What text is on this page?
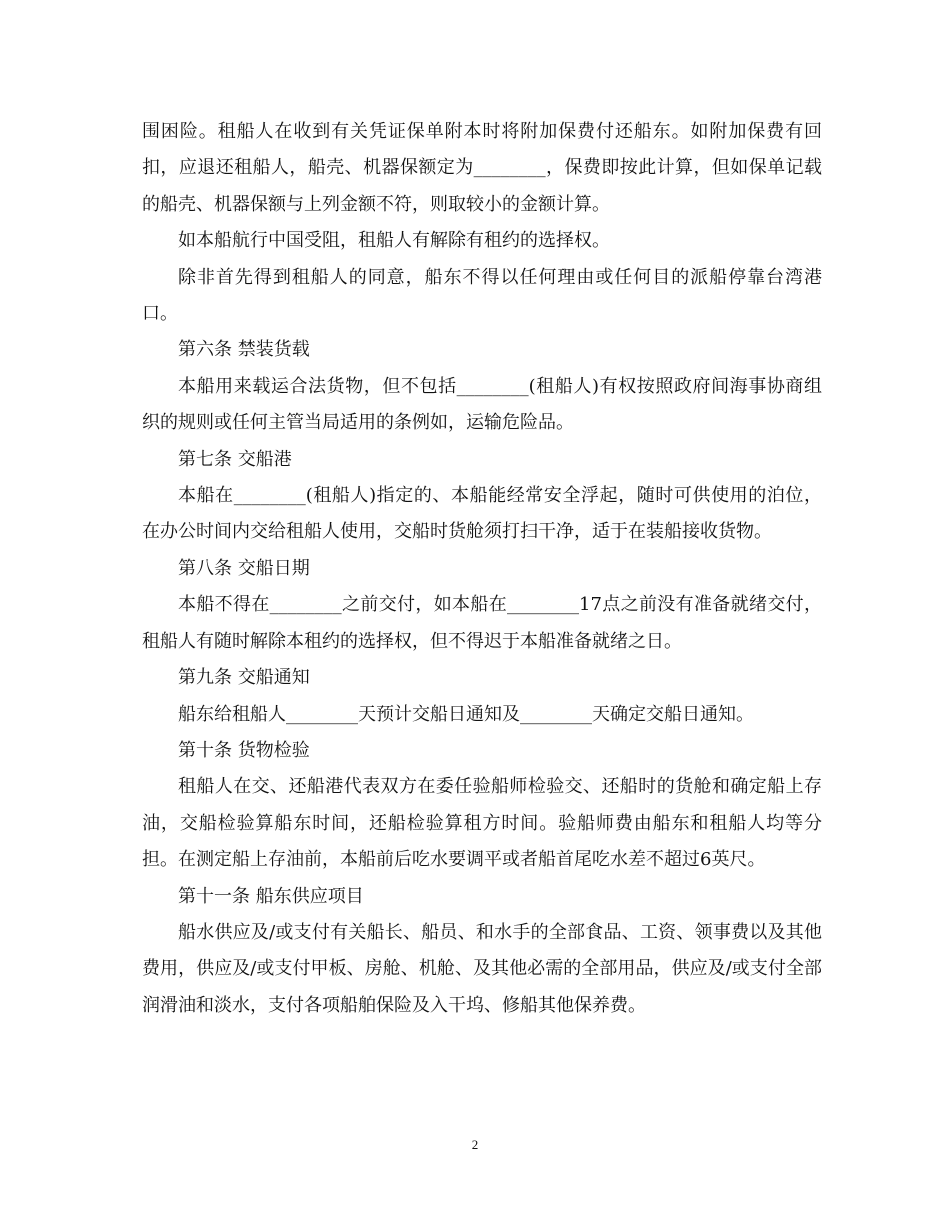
围困险。租船人在收到有关凭证保单附本时将附加保费付还船东。如附加保费有回扣，应退还租船人，船壳、机器保额定为________，保费即按此计算，但如保单记载的船壳、机器保额与上列金额不符，则取较小的金额计算。

如本船航行中国受阻，租船人有解除有租约的选择权。

除非首先得到租船人的同意，船东不得以任何理由或任何目的派船停靠台湾港口。

第六条 禁装货载

本船用来载运合法货物，但不包括________(租船人)有权按照政府间海事协商组织的规则或任何主管当局适用的条例如，运输危险品。

第七条 交船港

本船在________(租船人)指定的、本船能经常安全浮起，随时可供使用的泊位，在办公时间内交给租船人使用，交船时货舱须打扫干净，适于在装船接收货物。

第八条 交船日期

本船不得在________之前交付，如本船在________17点之前没有准备就绪交付，租船人有随时解除本租约的选择权，但不得迟于本船准备就绪之日。

第九条 交船通知

船东给租船人________天预计交船日通知及________天确定交船日通知。

第十条 货物检验

租船人在交、还船港代表双方在委任验船师检验交、还船时的货舱和确定船上存油，交船检验算船东时间，还船检验算租方时间。验船师费由船东和租船人均等分担。在测定船上存油前，本船前后吃水要调平或者船首尾吃水差不超过6英尺。

第十一条 船东供应项目

船水供应及/或支付有关船长、船员、和水手的全部食品、工资、领事费以及其他费用，供应及/或支付甲板、房舱、机舱、及其他必需的全部用品，供应及/或支付全部润滑油和淡水，支付各项船舶保险及入干坞、修船其他保养费。

2
